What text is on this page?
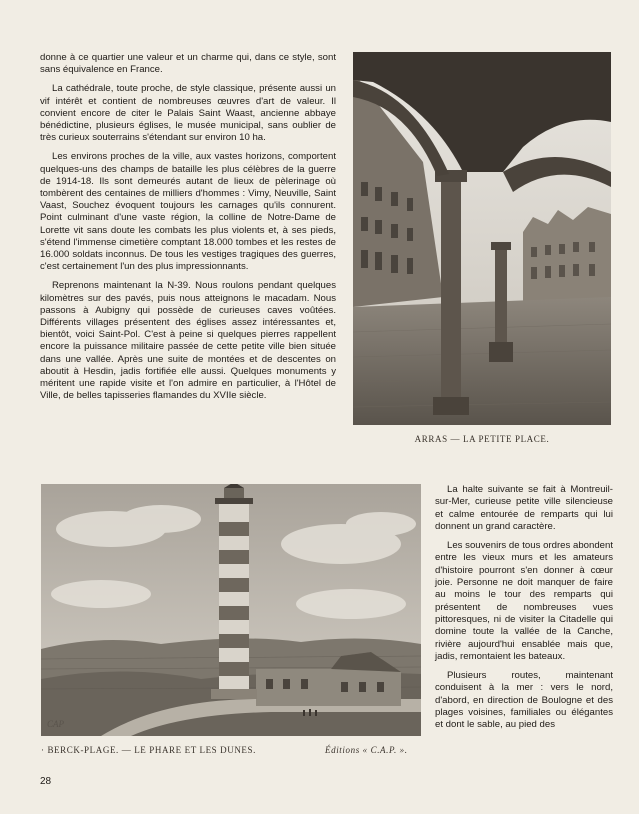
donne à ce quartier une valeur et un charme qui, dans ce style, sont sans équivalence en France.

La cathédrale, toute proche, de style classique, présente aussi un vif intérêt et contient de nombreuses œuvres d'art de valeur. Il convient encore de citer le Palais Saint Waast, ancienne abbaye bénédictine, plusieurs églises, le musée municipal, sans oublier de très curieux souterrains s'étendant sur environ 10 ha.

Les environs proches de la ville, aux vastes horizons, comportent quelques-uns des champs de bataille les plus célèbres de la guerre de 1914-18. Ils sont demeurés autant de lieux de pèlerinage où tombèrent des centaines de milliers d'hommes : Vimy, Neuville, Saint Vaast, Souchez évoquent toujours les carnages qu'ils connurent. Point culminant d'une vaste région, la colline de Notre-Dame de Lorette vit sans doute les combats les plus violents et, à ses pieds, s'étend l'immense cimetière comptant 18.000 tombes et les restes de 16.000 soldats inconnus. De tous les vestiges tragiques des guerres, c'est certainement l'un des plus impressionnants.

Reprenons maintenant la N-39. Nous roulons pendant quelques kilomètres sur des pavés, puis nous atteignons le macadam. Nous passons à Aubigny qui possède de curieuses caves voûtées. Différents villages présentent des églises assez intéressantes et, bientôt, voici Saint-Pol. C'est à peine si quelques pierres rappellent encore la puissance militaire passée de cette petite ville bien située dans une vallée. Après une suite de montées et de descentes on aboutit à Hesdin, jadis fortifiée elle aussi. Quelques monuments y méritent une rapide visite et l'on admire en particulier, à l'Hôtel de Ville, de belles tapisseries flamandes du XVIIe siècle.

ARRAS — LA PETITE PLACE.
CAP
· BERCK-PLAGE. — LE PHARE ET LES DUNES.	Éditions « C.A.P. ».

La halte suivante se fait à Montreuil-sur-Mer, curieuse petite ville silencieuse et calme entourée de remparts qui lui donnent un grand caractère.

Les souvenirs de tous ordres abondent entre les vieux murs et les amateurs d'histoire pourront s'en donner à cœur joie. Personne ne doit manquer de faire au moins le tour des remparts qui présentent de nombreuses vues pittoresques, ni de visiter la Citadelle qui domine toute la vallée de la Canche, rivière aujourd'hui ensablée mais que, jadis, remontaient les bateaux.

Plusieurs routes, maintenant conduisent à la mer : vers le nord, d'abord, en direction de Boulogne et des plages voisines, familiales ou élégantes et dont le sable, au pied des

28
